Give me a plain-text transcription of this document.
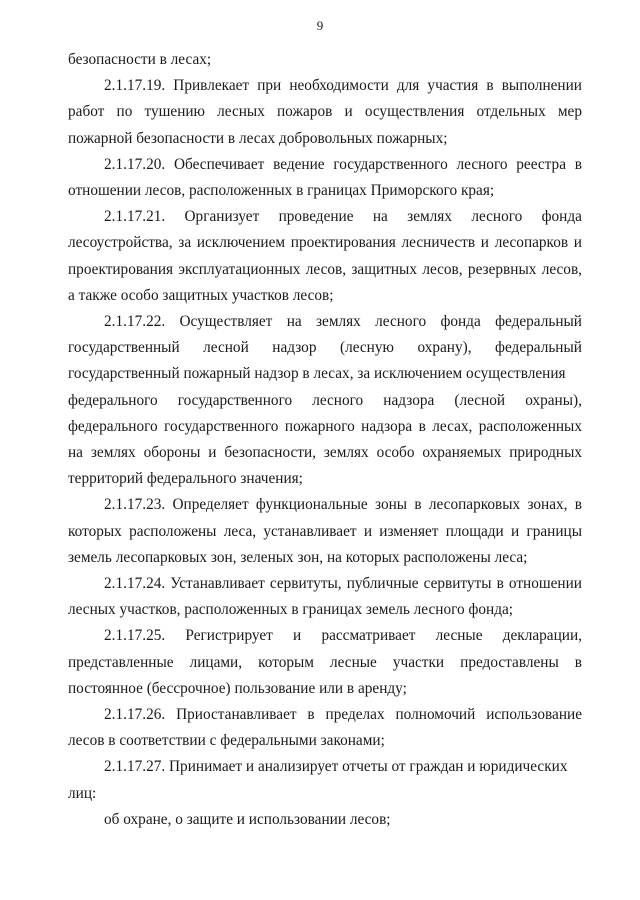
9

безопасности в лесах;

2.1.17.19. Привлекает при необходимости для участия в выполнении работ по тушению лесных пожаров и осуществления отдельных мер пожарной безопасности в лесах добровольных пожарных;

2.1.17.20. Обеспечивает ведение государственного лесного реестра в отношении лесов, расположенных в границах Приморского края;

2.1.17.21. Организует проведение на землях лесного фонда

лесоустройства, за исключением проектирования лесничеств и лесопарков и проектирования эксплуатационных лесов, защитных лесов, резервных лесов, а также особо защитных участков лесов;

2.1.17.22. Осуществляет на землях лесного фонда федеральный
государственный лесной надзор (лесную охрану), федеральный

государственный пожарный надзор в лесах, за исключением осуществления

федерального государственного лесного надзора (лесной охраны),

федерального государственного пожарного надзора в лесах, расположенных на землях обороны и безопасности, землях особо охраняемых природных территорий федерального значения;

2.1.17.23. Определяет функциональные зоны в лесопарковых зонах, в которых расположены леса, устанавливает и изменяет площади и границы земель лесопарковых зон, зеленых зон, на которых расположены леса;

2.1.17.24. Устанавливает сервитуты, публичные сервитуты в отношении лесных участков, расположенных в границах земель лесного фонда;

2.1.17.25. Регистрирует и рассматривает лесные декларации,

представленные лицами, которым лесные участки предоставлены в постоянное (бессрочное) пользование или в аренду;

2.1.17.26. Приостанавливает в пределах полномочий использование лесов в соответствии с федеральными законами;

2.1.17.27. Принимает и анализирует отчеты от граждан и юридических

лиц:

об охране, о защите и использовании лесов;
